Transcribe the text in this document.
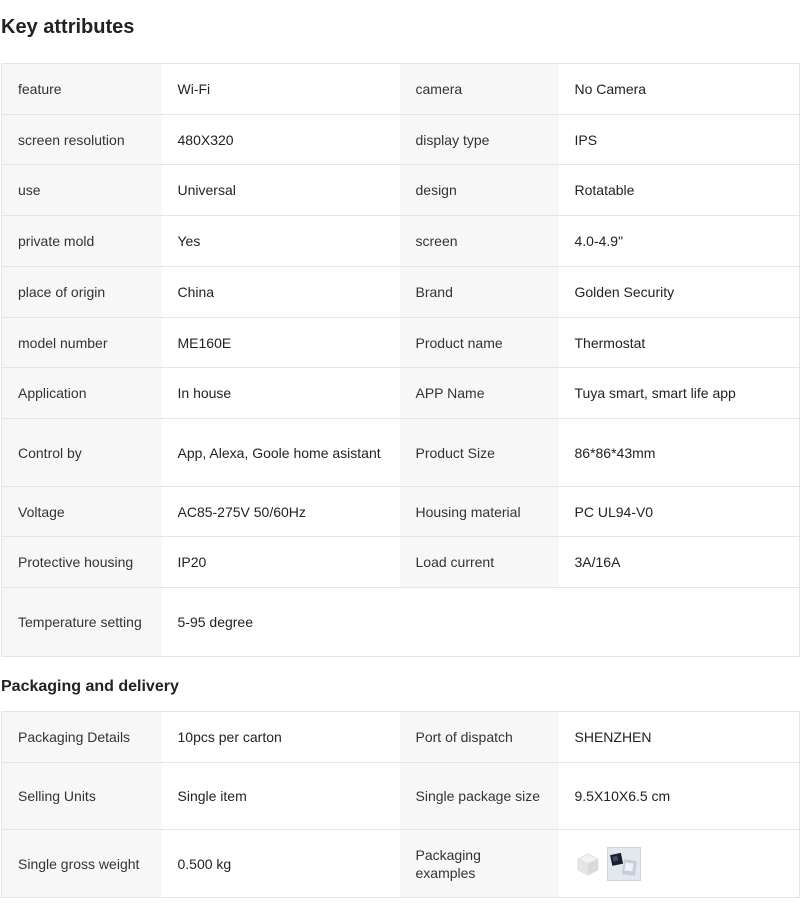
Key attributes
feature	Wi-Fi	camera	No Camera
screen resolution	480X320	display type	IPS
use	Universal	design	Rotatable
private mold	Yes	screen	4.0-4.9"
place of origin	China	Brand	Golden Security
model number	ME160E	Product name	Thermostat
Application	In house	APP Name	Tuya smart, smart life app
Control by	App, Alexa, Goole home asistant	Product Size	86*86*43mm
Voltage	AC85-275V 50/60Hz	Housing material	PC UL94-V0
Protective housing	IP20	Load current	3A/16A
Temperature setting	5-95 degree		
Packaging and delivery
Packaging Details	10pcs per carton	Port of dispatch	SHENZHEN
Selling Units	Single item	Single package size	9.5X10X6.5 cm
Single gross weight	0.500 kg	Packaging examples	
